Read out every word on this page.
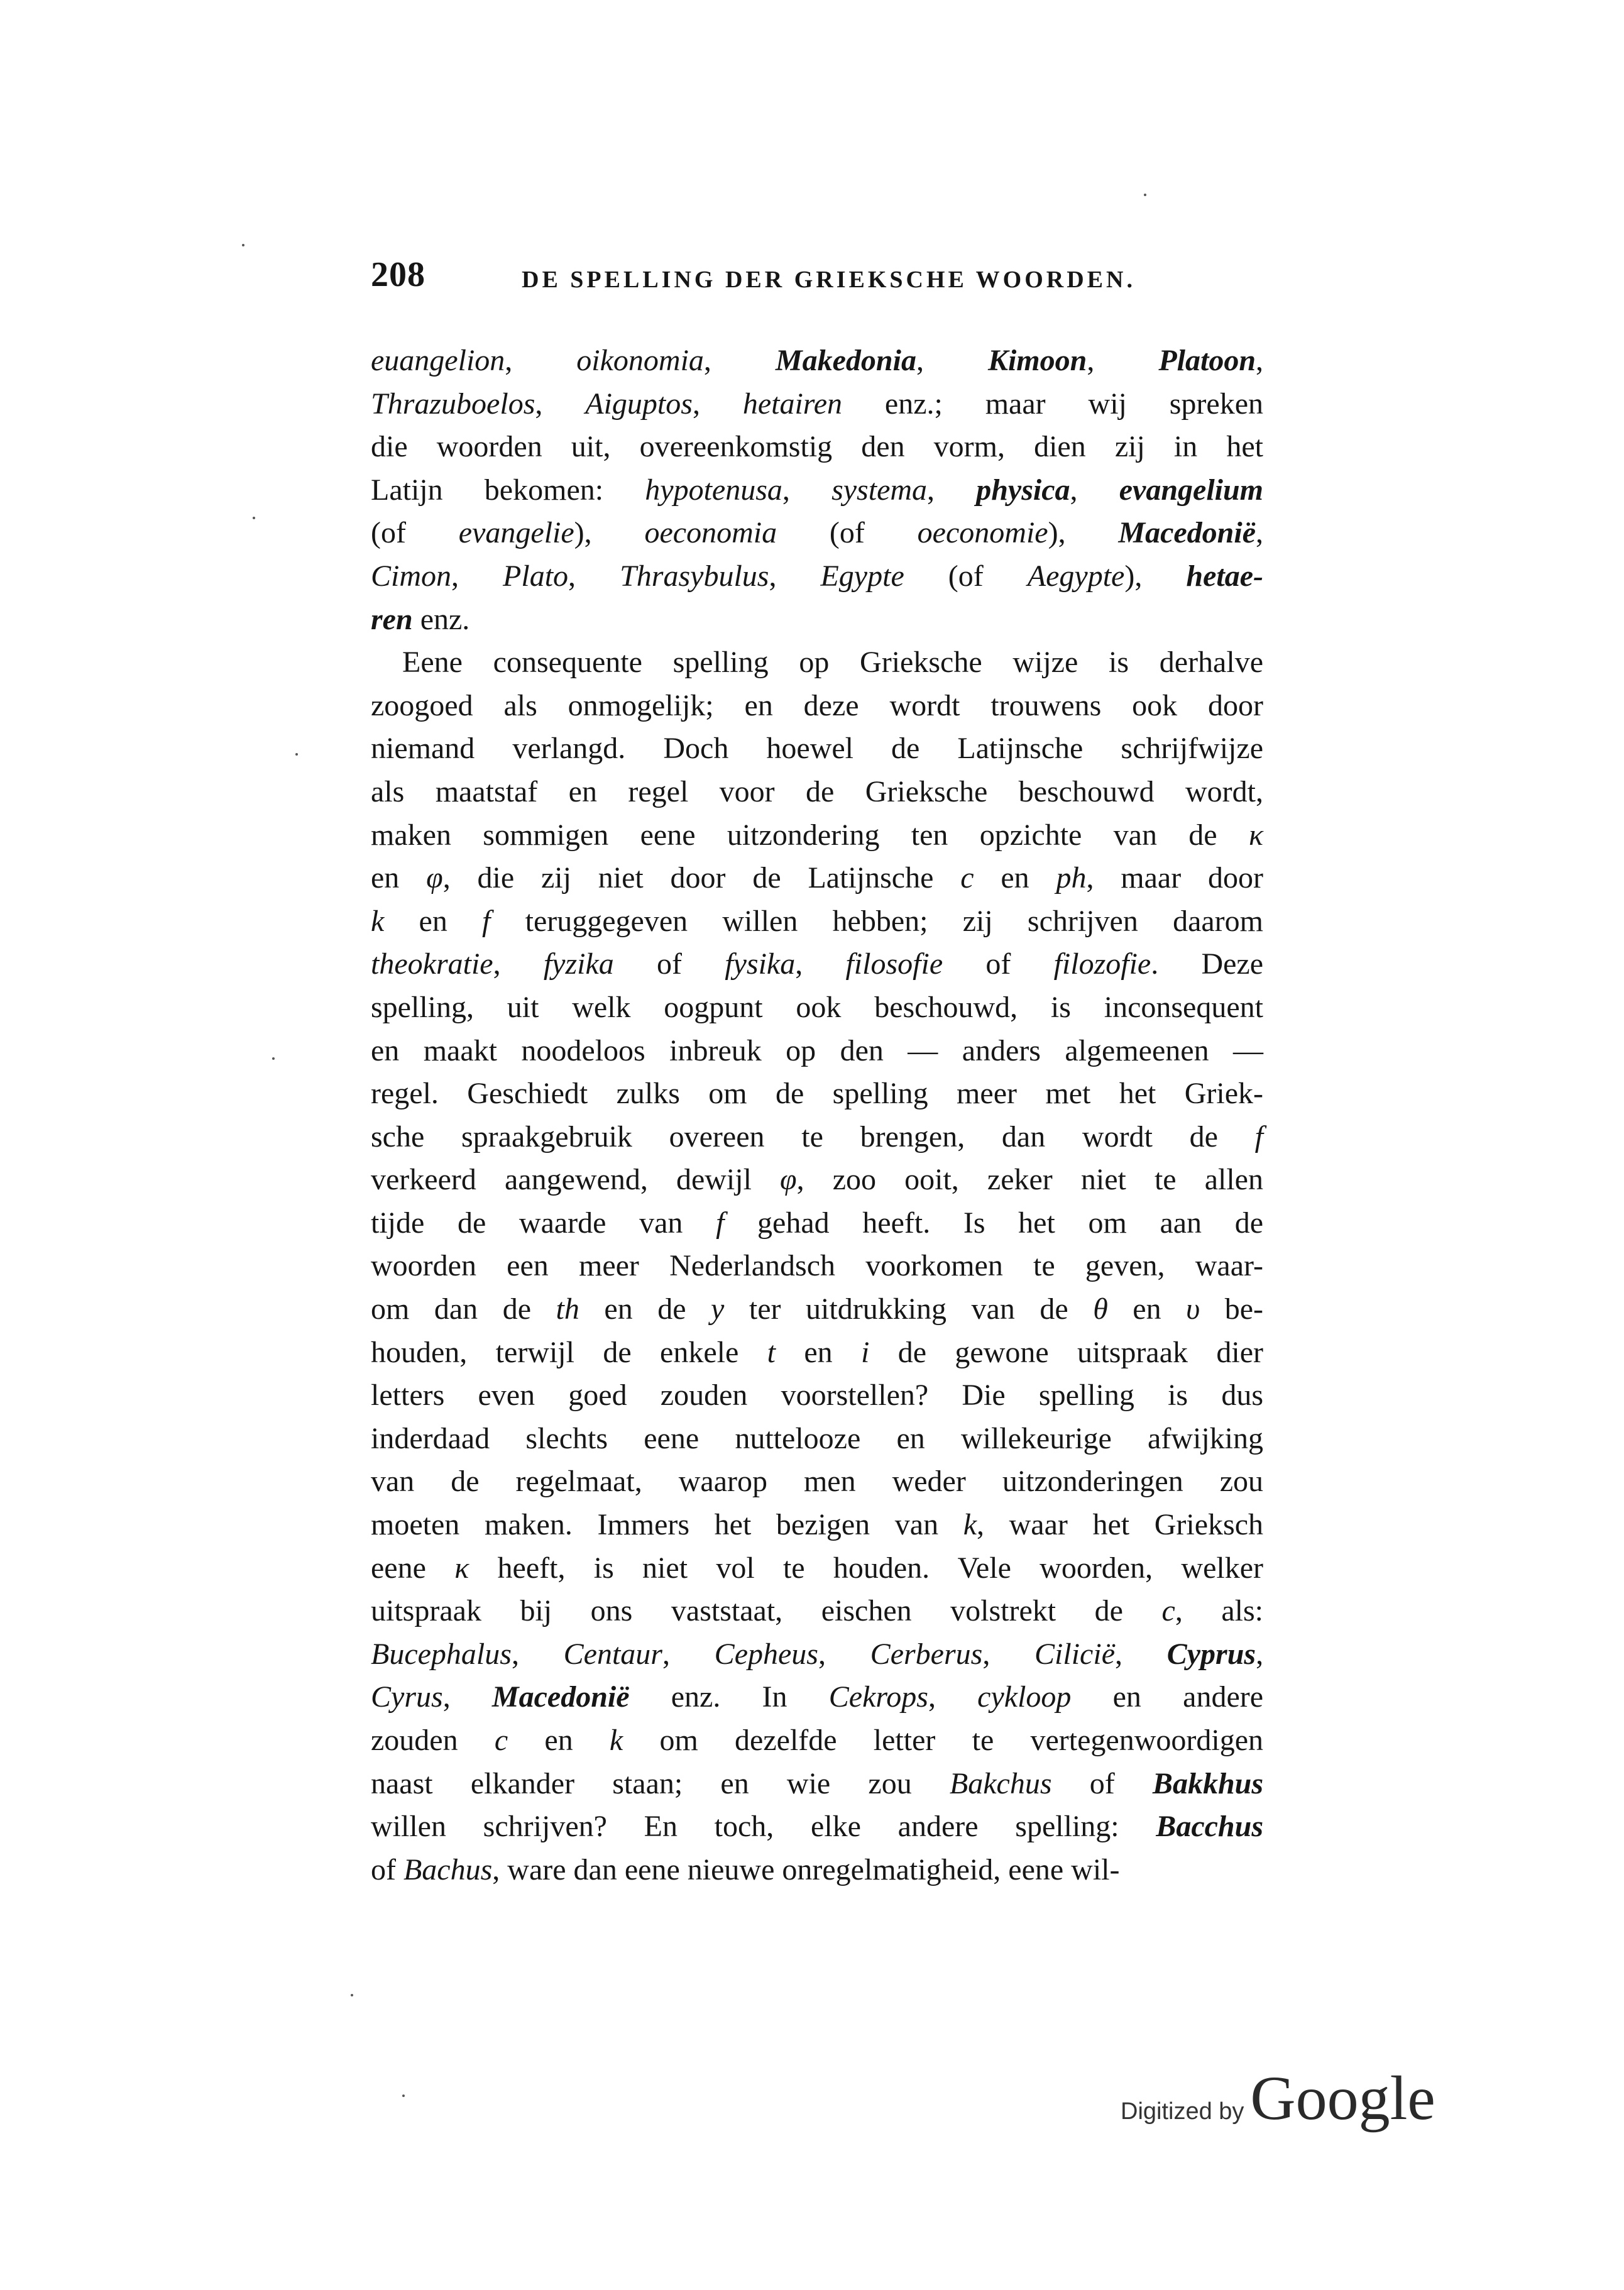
208	DE SPELLING DER GRIEKSCHE WOORDEN.
euangelion, oikonomia, Makedonia, Kimoon, Platoon,
Thrazuboelos, Aiguptos, hetairen enz.; maar wij spreken
die woorden uit, overeenkomstig den vorm, dien zij in het
Latijn bekomen: hypotenusa, systema, physica, evangelium
(of evangelie), oeconomia (of oeconomie), Macedonië,
Cimon, Plato, Thrasybulus, Egypte (of Aegypte), hetae-
ren enz.
Eene consequente spelling op Grieksche wijze is derhalve
zoogoed als onmogelijk; en deze wordt trouwens ook door
niemand verlangd. Doch hoewel de Latijnsche schrijfwijze
als maatstaf en regel voor de Grieksche beschouwd wordt,
maken sommigen eene uitzondering ten opzichte van de κ
en φ, die zij niet door de Latijnsche c en ph, maar door
k en f teruggegeven willen hebben; zij schrijven daarom
theokratie, fyzika of fysika, filosofie of filozofie. Deze
spelling, uit welk oogpunt ook beschouwd, is inconsequent
en maakt noodeloos inbreuk op den — anders algemeenen —
regel. Geschiedt zulks om de spelling meer met het Griek-
sche spraakgebruik overeen te brengen, dan wordt de f
verkeerd aangewend, dewijl φ, zoo ooit, zeker niet te allen
tijde de waarde van f gehad heeft. Is het om aan de
woorden een meer Nederlandsch voorkomen te geven, waar-
om dan de th en de y ter uitdrukking van de θ en υ be-
houden, terwijl de enkele t en i de gewone uitspraak dier
letters even goed zouden voorstellen? Die spelling is dus
inderdaad slechts eene nuttelooze en willekeurige afwijking
van de regelmaat, waarop men weder uitzonderingen zou
moeten maken. Immers het bezigen van k, waar het Grieksch
eene κ heeft, is niet vol te houden. Vele woorden, welker
uitspraak bij ons vaststaat, eischen volstrekt de c, als:
Bucephalus, Centaur, Cepheus, Cerberus, Cilicië, Cyprus,
Cyrus, Macedonië enz. In Cekrops, cykloop en andere
zouden c en k om dezelfde letter te vertegenwoordigen
naast elkander staan; en wie zou Bakchus of Bakkhus
willen schrijven? En toch, elke andere spelling: Bacchus
of Bachus, ware dan eene nieuwe onregelmatigheid, eene wil-
Digitized by Google
